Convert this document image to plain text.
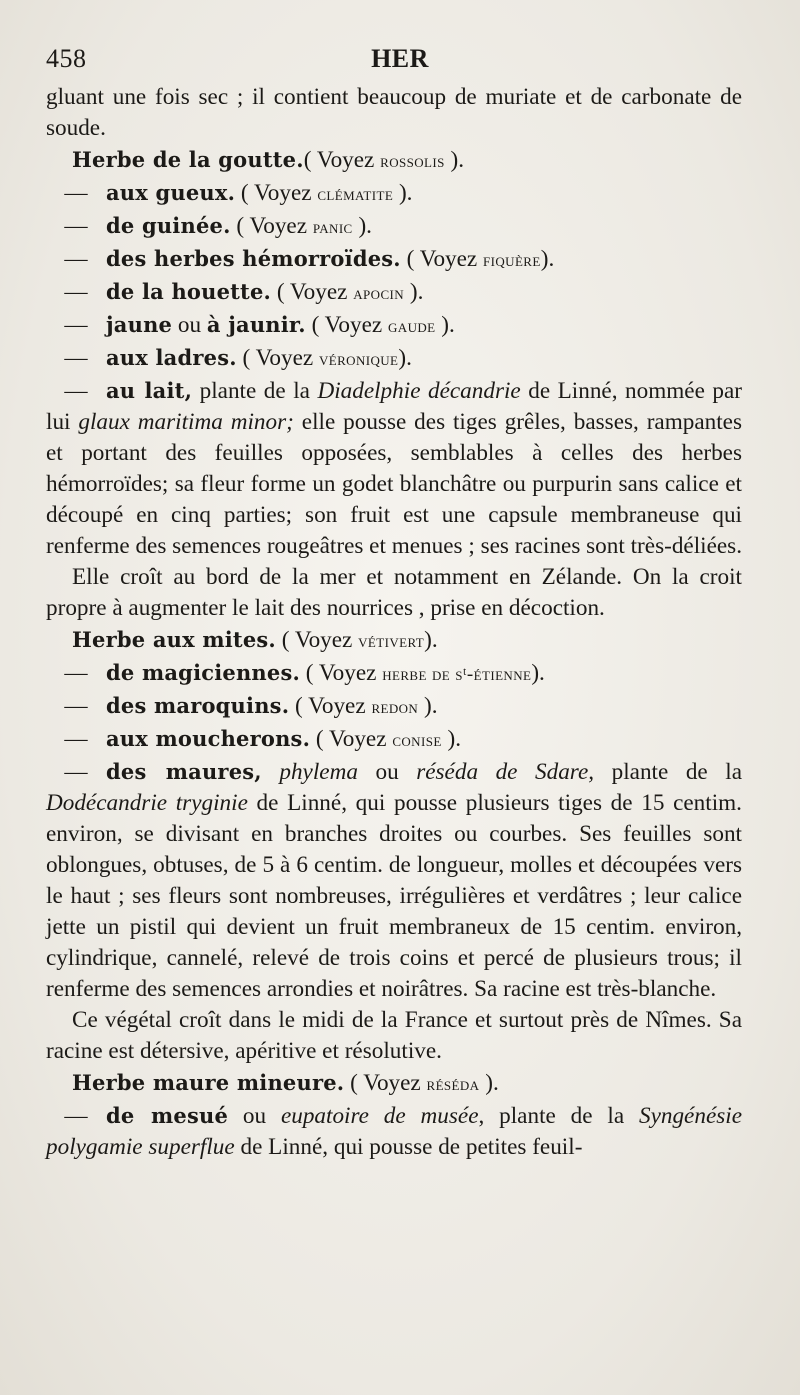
458	HER

gluant une fois sec ; il contient beaucoup de muriate et de carbonate de soude.

Herbe de la goutte.( Voyez rossolis ).

— aux gueux. ( Voyez clématite ).

— de guinée. ( Voyez panic ).

— des herbes hémorroïdes. ( Voyez fiquère).

— de la houette. ( Voyez apocin ).

— jaune ou à jaunir. ( Voyez gaude ).

— aux ladres. ( Voyez véronique).

— au lait, plante de la Diadelphie décandrie de Linné, nommée par lui glaux maritima minor; elle pousse des tiges grêles, basses, rampantes et portant des feuilles opposées, semblables à celles des herbes hémorroïdes; sa fleur forme un godet blanchâtre ou purpurin sans calice et découpé en cinq parties; son fruit est une capsule membraneuse qui renferme des semences rougeâtres et menues ; ses racines sont très-déliées.

Elle croît au bord de la mer et notamment en Zélande. On la croit propre à augmenter le lait des nourrices , prise en décoction.

Herbe aux mites. ( Voyez vétivert).

— de magiciennes. ( Voyez herbe de sᵗ-étienne).

— des maroquins. ( Voyez redon ).

— aux moucherons. ( Voyez conise ).

— des maures, phylema ou réséda de Sdare, plante de la Dodécandrie tryginie de Linné, qui pousse plusieurs tiges de 15 centim. environ, se divisant en branches droites ou courbes. Ses feuilles sont oblongues, obtuses, de 5 à 6 centim. de longueur, molles et découpées vers le haut ; ses fleurs sont nombreuses, irrégulières et verdâtres ; leur calice jette un pistil qui devient un fruit membraneux de 15 centim. environ, cylindrique, cannelé, relevé de trois coins et percé de plusieurs trous; il renferme des semences arrondies et noirâtres. Sa racine est très-blanche.

Ce végétal croît dans le midi de la France et surtout près de Nîmes. Sa racine est détersive, apéritive et résolutive.

Herbe maure mineure. ( Voyez réséda ).

— de mesué ou eupatoire de musée, plante de la Syngénésie polygamie superflue de Linné, qui pousse de petites feuil-
